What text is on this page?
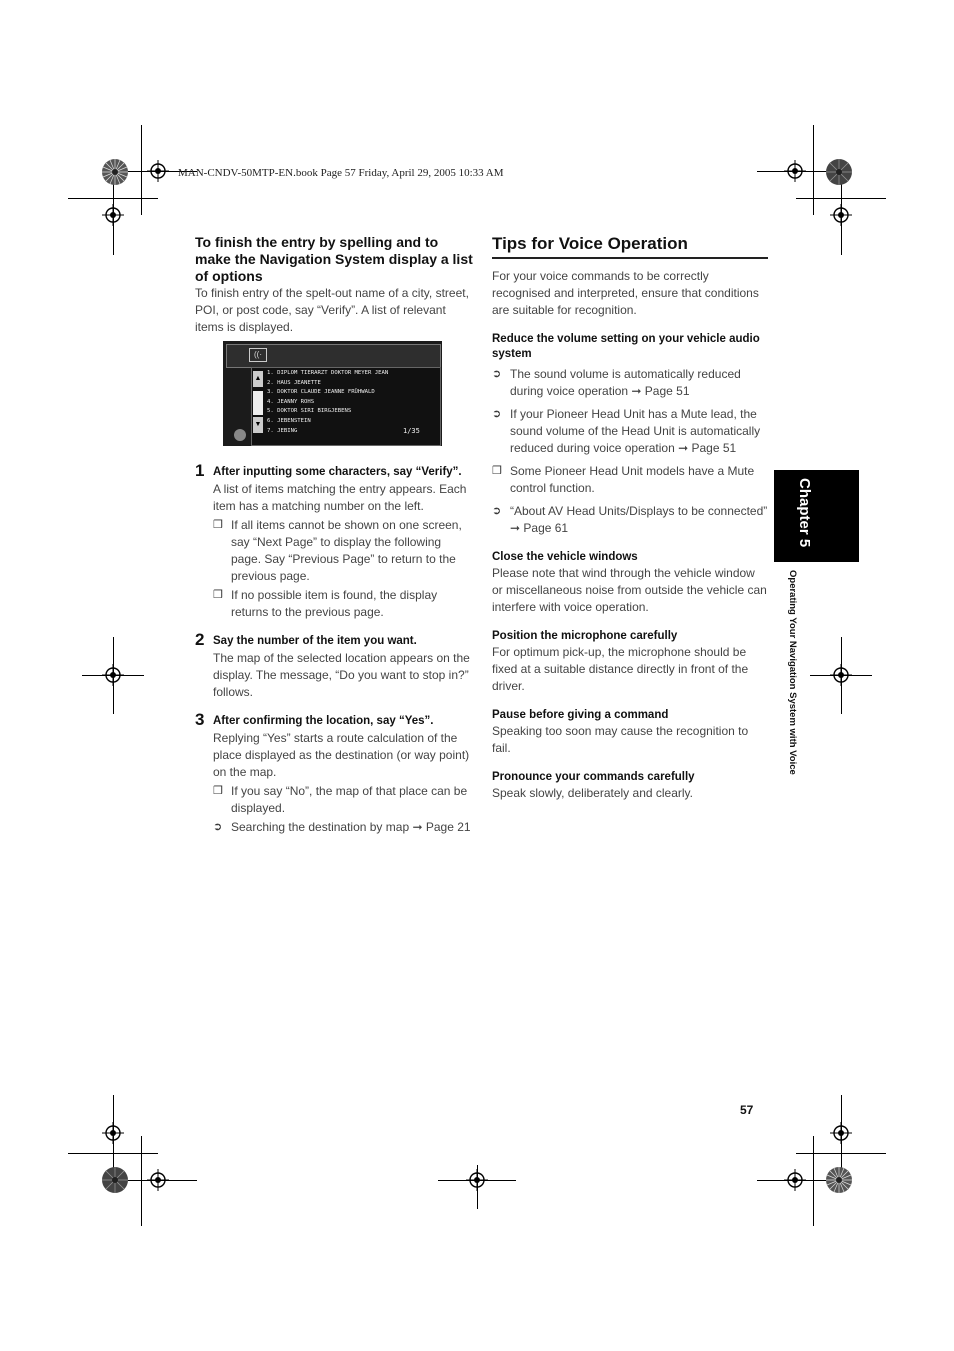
MAN-CNDV-50MTP-EN.book Page 57 Friday, April 29, 2005 10:33 AM

To finish the entry by spelling and to make the Navigation System display a list of options

To finish entry of the spelt-out name of a city, street, POI, or post code, say “Verify”. A list of relevant items is displayed.

((·
▲
▼
1. DIPLOM TIERARZT DOKTOR MEYER JEAN
2. HAUS JEANETTE
3. DOKTOR CLAUDE JEANNE FRÜHWALD
4. JEANNY ROHS
5. DOKTOR SIRI BIRGJEBENS
6. JEBENSTEIN
7. JEBING	1/35
1 After inputting some characters, say “Verify”.

A list of items matching the entry appears. Each item has a matching number on the left.

❒ If all items cannot be shown on one screen, say “Next Page” to display the following page. Say “Previous Page” to return to the previous page.
❒ If no possible item is found, the display returns to the previous page.
2 Say the number of the item you want.

The map of the selected location appears on the display. The message, “Do you want to stop in?” follows.

3 After confirming the location, say “Yes”.

Replying “Yes” starts a route calculation of the place displayed as the destination (or way point) on the map.

❒ If you say “No”, the map of that place can be displayed.
➲ Searching the destination by map ➞ Page 21

Tips for Voice Operation

For your voice commands to be correctly recognised and interpreted, ensure that conditions are suitable for recognition.

Reduce the volume setting on your vehicle audio system

➲ The sound volume is automatically reduced during voice operation ➞ Page 51
➲ If your Pioneer Head Unit has a Mute lead, the sound volume of the Head Unit is automatically reduced during voice operation ➞ Page 51
❒ Some Pioneer Head Unit models have a Mute control function.
➲ “About AV Head Units/Displays to be connected” ➞ Page 61

Close the vehicle windows

Please note that wind through the vehicle window or miscellaneous noise from outside the vehicle can interfere with voice operation.

Position the microphone carefully

For optimum pick-up, the microphone should be fixed at a suitable distance directly in front of the driver.

Pause before giving a command

Speaking too soon may cause the recognition to fail.

Pronounce your commands carefully

Speak slowly, deliberately and clearly.

Chapter 5
Operating Your Navigation System with Voice
57
